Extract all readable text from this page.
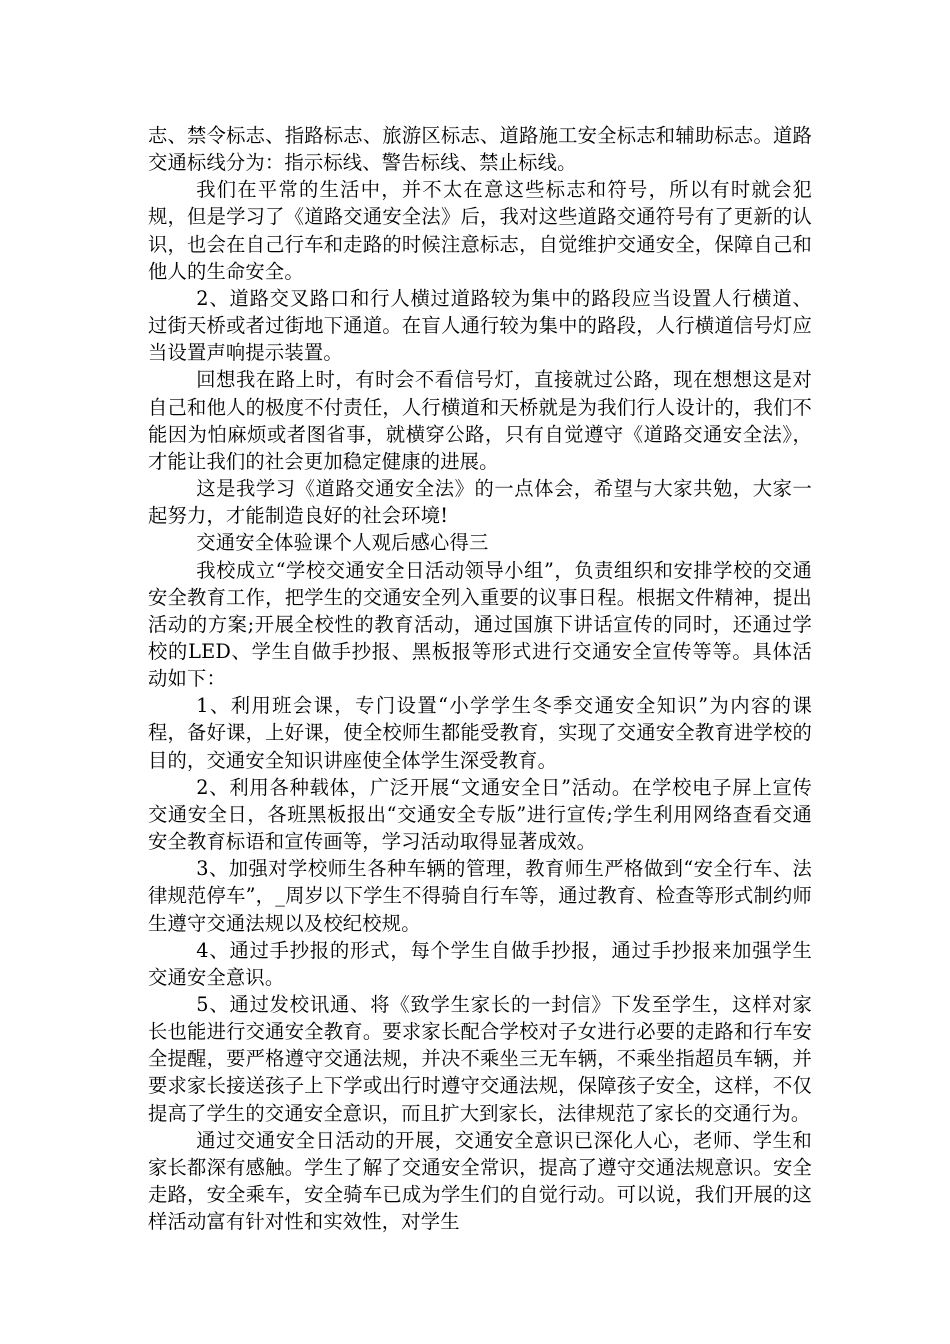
志、禁令标志、指路标志、旅游区标志、道路施工安全标志和辅助标志。道路交通标线分为：指示标线、警告标线、禁止标线。

我们在平常的生活中，并不太在意这些标志和符号，所以有时就会犯规，但是学习了《道路交通安全法》后，我对这些道路交通符号有了更新的认识，也会在自己行车和走路的时候注意标志，自觉维护交通安全，保障自己和他人的生命安全。

2、道路交叉路口和行人横过道路较为集中的路段应当设置人行横道、过街天桥或者过街地下通道。在盲人通行较为集中的路段，人行横道信号灯应当设置声响提示装置。

回想我在路上时，有时会不看信号灯，直接就过公路，现在想想这是对自己和他人的极度不付责任，人行横道和天桥就是为我们行人设计的，我们不能因为怕麻烦或者图省事，就横穿公路，只有自觉遵守《道路交通安全法》，才能让我们的社会更加稳定健康的进展。

这是我学习《道路交通安全法》的一点体会，希望与大家共勉，大家一起努力，才能制造良好的社会环境!

交通安全体验课个人观后感心得三

我校成立“学校交通安全日活动领导小组”，负责组织和安排学校的交通安全教育工作，把学生的交通安全列入重要的议事日程。根据文件精神，提出活动的方案;开展全校性的教育活动，通过国旗下讲话宣传的同时，还通过学校的LED、学生自做手抄报、黑板报等形式进行交通安全宣传等等。具体活动如下：

1、利用班会课，专门设置“小学学生冬季交通安全知识”为内容的课程，备好课，上好课，使全校师生都能受教育，实现了交通安全教育进学校的目的，交通安全知识讲座使全体学生深受教育。

2、利用各种载体，广泛开展“文通安全日”活动。在学校电子屏上宣传交通安全日，各班黑板报出“交通安全专版”进行宣传;学生利用网络查看交通安全教育标语和宣传画等，学习活动取得显著成效。

3、加强对学校师生各种车辆的管理，教育师生严格做到“安全行车、法律规范停车”，_周岁以下学生不得骑自行车等，通过教育、检查等形式制约师生遵守交通法规以及校纪校规。

4、通过手抄报的形式，每个学生自做手抄报，通过手抄报来加强学生交通安全意识。

5、通过发校讯通、将《致学生家长的一封信》下发至学生，这样对家长也能进行交通安全教育。要求家长配合学校对子女进行必要的走路和行车安全提醒，要严格遵守交通法规，并决不乘坐三无车辆，不乘坐指超员车辆，并要求家长接送孩子上下学或出行时遵守交通法规，保障孩子安全，这样，不仅提高了学生的交通安全意识，而且扩大到家长，法律规范了家长的交通行为。

通过交通安全日活动的开展，交通安全意识已深化人心，老师、学生和家长都深有感触。学生了解了交通安全常识，提高了遵守交通法规意识。安全走路，安全乘车，安全骑车已成为学生们的自觉行动。可以说，我们开展的这样活动富有针对性和实效性，对学生
